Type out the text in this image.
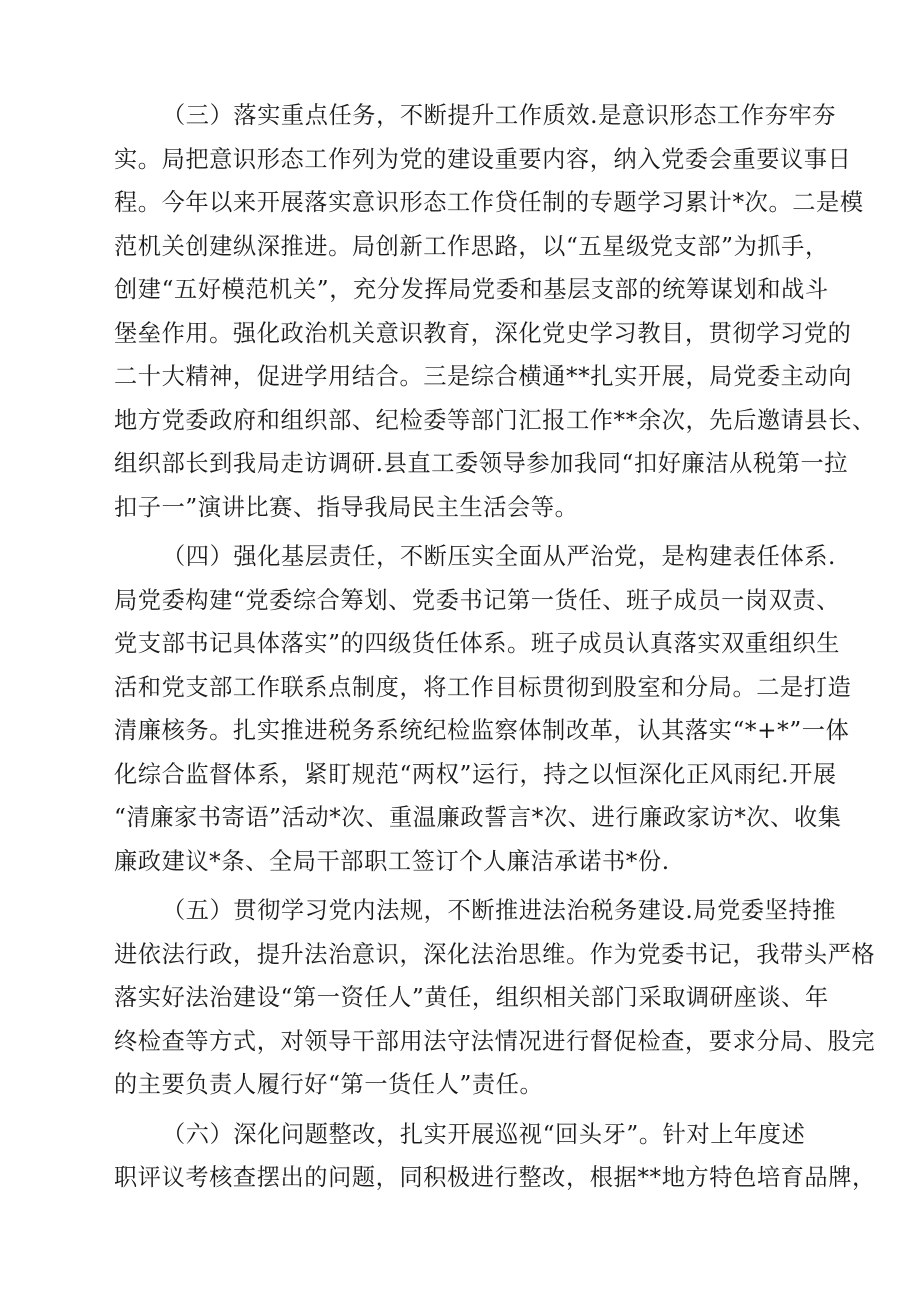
（三）落实重点任务，不断提升工作质效.是意识形态工作夯牢夯
实。局把意识形态工作列为党的建设重要内容，纳入党委会重要议事日
程。今年以来开展落实意识形态工作贷任制的专题学习累计*次。二是模
范机关创建纵深推进。局创新工作思路，以“五星级党支部”为抓手，
创建“五好模范机关”，充分发挥局党委和基层支部的统筹谋划和战斗
堡垒作用。强化政治机关意识教育，深化党史学习教目，贯彻学习党的
二十大精神，促进学用结合。三是综合横通**扎实开展，局党委主动向
地方党委政府和组织部、纪检委等部门汇报工作**余次，先后邀请县长、
组织部长到我局走访调研.县直工委领导参加我同“扣好廉洁从税第一拉
扣子一”演讲比赛、指导我局民主生活会等。
（四）强化基层责任，不断压实全面从严治党，是构建表任体系.
局党委构建“党委综合筹划、党委书记第一货任、班子成员一岗双责、
党支部书记具体落实”的四级货任体系。班子成员认真落实双重组织生
活和党支部工作联系点制度，将工作目标贯彻到股室和分局。二是打造
清廉核务。扎实推进税务系统纪检监察体制改革，认其落实“*+*”一体
化综合监督体系，紧盯规范“两权”运行，持之以恒深化正风雨纪.开展
“清廉家书寄语”活动*次、重温廉政誓言*次、进行廉政家访*次、收集
廉政建议*条、全局干部职工签订个人廉洁承诺书*份.
（五）贯彻学习党内法规，不断推进法治税务建设.局党委坚持推
进依法行政，提升法治意识，深化法治思维。作为党委书记，我带头严格
落实好法治建设“第一资任人”黄任，组织相关部门采取调研座谈、年
终检查等方式，对领导干部用法守法情况进行督促检查，要求分局、股完
的主要负责人履行好“第一货任人”责任。
（六）深化问题整改，扎实开展巡视“回头牙”。针对上年度述
职评议考核查摆出的问题，同积极进行整改，根据**地方特色培育品牌，
